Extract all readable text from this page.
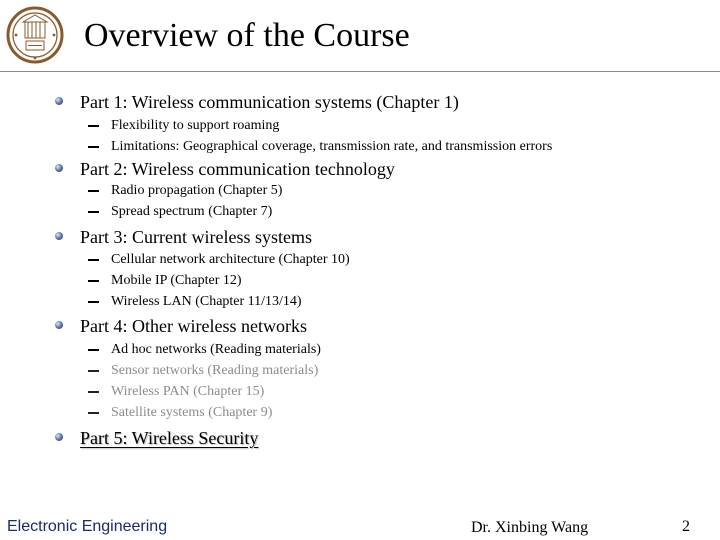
Overview of the Course
Part 1: Wireless communication systems (Chapter 1)
Flexibility to support roaming
Limitations: Geographical coverage, transmission rate, and transmission errors
Part 2: Wireless communication technology
Radio propagation (Chapter 5)
Spread spectrum (Chapter 7)
Part 3: Current wireless systems
Cellular network architecture (Chapter 10)
Mobile IP (Chapter 12)
Wireless LAN (Chapter 11/13/14)
Part 4: Other wireless networks
Ad hoc networks (Reading materials)
Sensor networks (Reading materials)
Wireless PAN (Chapter 15)
Satellite systems (Chapter 9)
Part 5: Wireless Security
Electronic Engineering	Dr. Xinbing Wang	2
